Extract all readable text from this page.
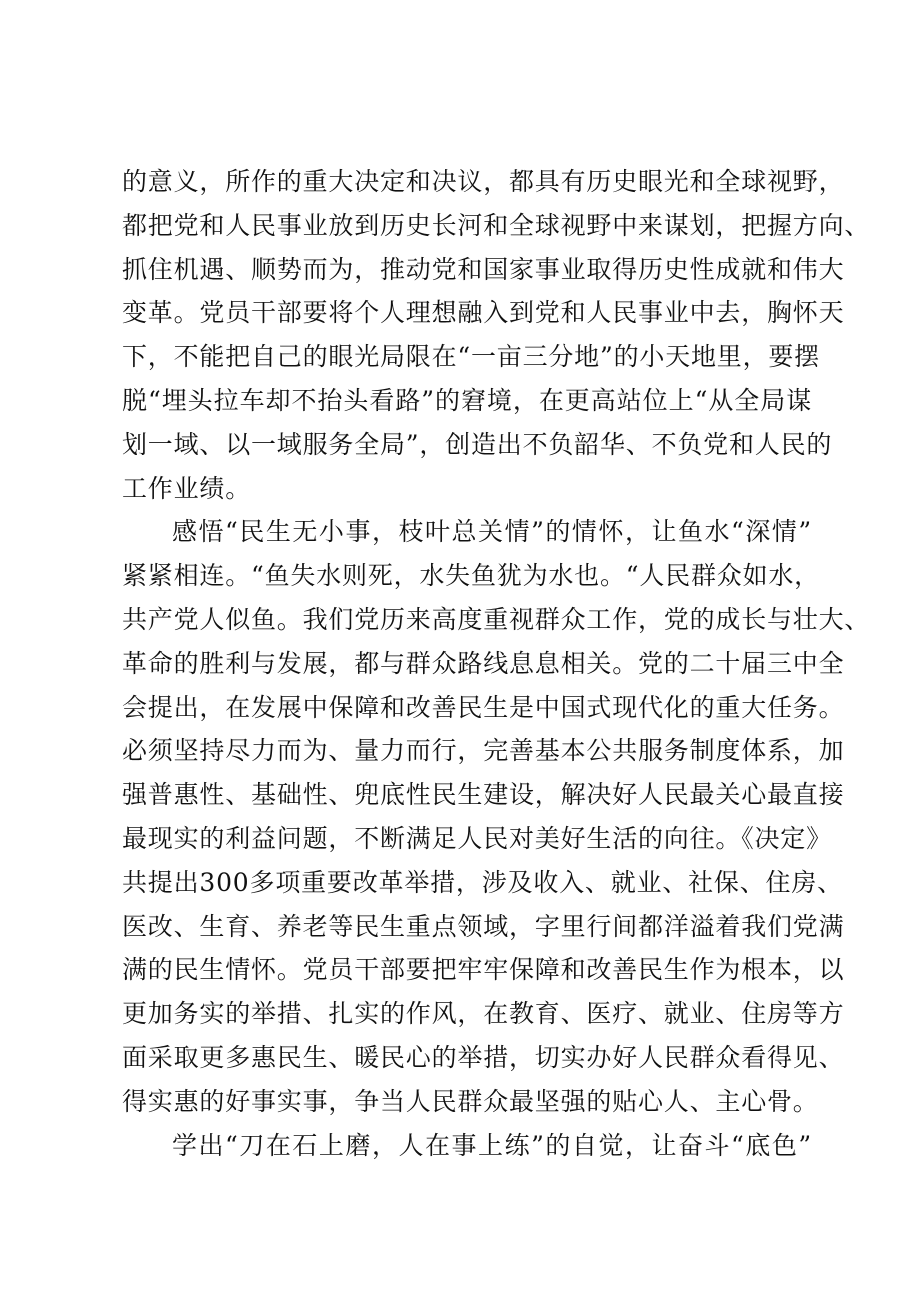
的意义，所作的重大决定和决议，都具有历史眼光和全球视野，
都把党和人民事业放到历史长河和全球视野中来谋划，把握方向、
抓住机遇、顺势而为，推动党和国家事业取得历史性成就和伟大
变革。党员干部要将个人理想融入到党和人民事业中去，胸怀天
下，不能把自己的眼光局限在“一亩三分地”的小天地里，要摆
脱“埋头拉车却不抬头看路”的窘境，在更高站位上“从全局谋
划一域、以一域服务全局”，创造出不负韶华、不负党和人民的
工作业绩。
感悟“民生无小事，枝叶总关情”的情怀，让鱼水“深情”
紧紧相连。“鱼失水则死，水失鱼犹为水也。“人民群众如水，
共产党人似鱼。我们党历来高度重视群众工作，党的成长与壮大、
革命的胜利与发展，都与群众路线息息相关。党的二十届三中全
会提出，在发展中保障和改善民生是中国式现代化的重大任务。
必须坚持尽力而为、量力而行，完善基本公共服务制度体系，加
强普惠性、基础性、兜底性民生建设，解决好人民最关心最直接
最现实的利益问题，不断满足人民对美好生活的向往。《决定》
共提出300多项重要改革举措，涉及收入、就业、社保、住房、
医改、生育、养老等民生重点领域，字里行间都洋溢着我们党满
满的民生情怀。党员干部要把牢牢保障和改善民生作为根本，以
更加务实的举措、扎实的作风，在教育、医疗、就业、住房等方
面采取更多惠民生、暖民心的举措，切实办好人民群众看得见、
得实惠的好事实事，争当人民群众最坚强的贴心人、主心骨。
学出“刀在石上磨，人在事上练”的自觉，让奋斗“底色”
